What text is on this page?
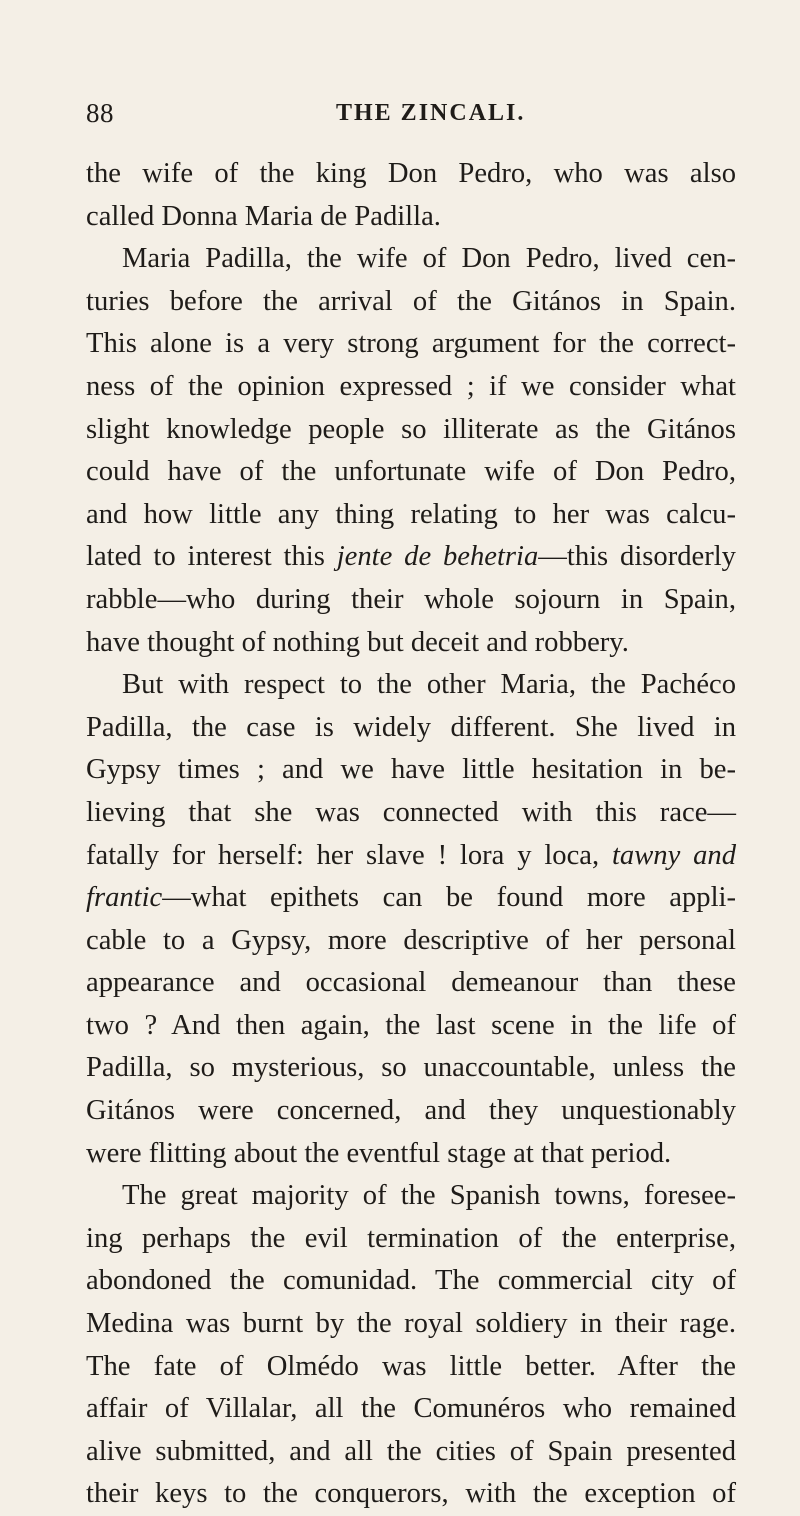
88	THE ZINCALI.
the wife of the king Don Pedro, who was also
called Donna Maria de Padilla.
Maria Padilla, the wife of Don Pedro, lived cen-
turies before the arrival of the Gitános in Spain.
This alone is a very strong argument for the correct-
ness of the opinion expressed ; if we consider what
slight knowledge people so illiterate as the Gitános
could have of the unfortunate wife of Don Pedro,
and how little any thing relating to her was calcu-
lated to interest this jente de behetria—this disorderly
rabble—who during their whole sojourn in Spain,
have thought of nothing but deceit and robbery.
But with respect to the other Maria, the Pachéco
Padilla, the case is widely different. She lived in
Gypsy times ; and we have little hesitation in be-
lieving that she was connected with this race—
fatally for herself: her slave ! lora y loca, tawny and
frantic—what epithets can be found more appli-
cable to a Gypsy, more descriptive of her personal
appearance and occasional demeanour than these
two ? And then again, the last scene in the life of
Padilla, so mysterious, so unaccountable, unless the
Gitános were concerned, and they unquestionably
were flitting about the eventful stage at that period.
The great majority of the Spanish towns, foresee-
ing perhaps the evil termination of the enterprise,
abondoned the comunidad. The commercial city of
Medina was burnt by the royal soldiery in their rage.
The fate of Olmédo was little better. After the
affair of Villalar, all the Comunéros who remained
alive submitted, and all the cities of Spain presented
their keys to the conquerors, with the exception of
